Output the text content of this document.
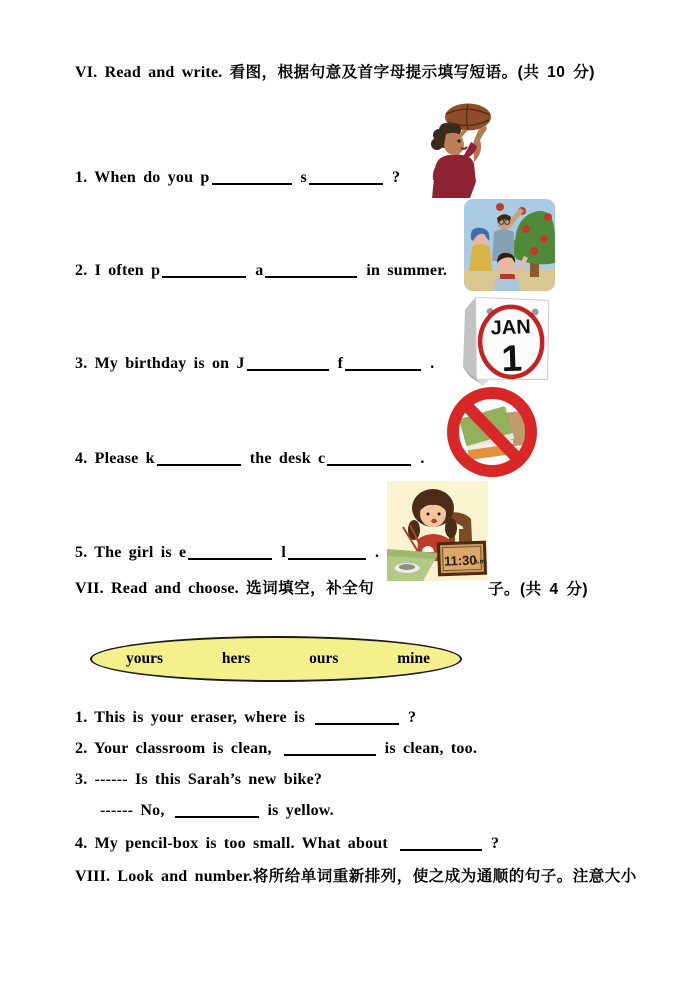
VI. Read and write. 看图，根据句意及首字母提示填写短语。(共 10 分)
1. When do you p	s	?
2. I often p	a	in summer.
3. My birthday is on J	f	.
4. Please k	the desk c	.
5. The girl is e	l	.
VII. Read and choose. 选词填空，补全句	子。(共 4 分)
yours	hers	ours	mine
1. This is your eraser, where is	?
2. Your classroom is clean,	is clean, too.
3. ------ Is this Sarah’s new bike?
------ No,	is yellow.
4. My pencil-box is too small. What about	?
VIII. Look and number.将所给单词重新排列，使之成为通顺的句子。注意大小
JAN
1
11:30
a.m.
